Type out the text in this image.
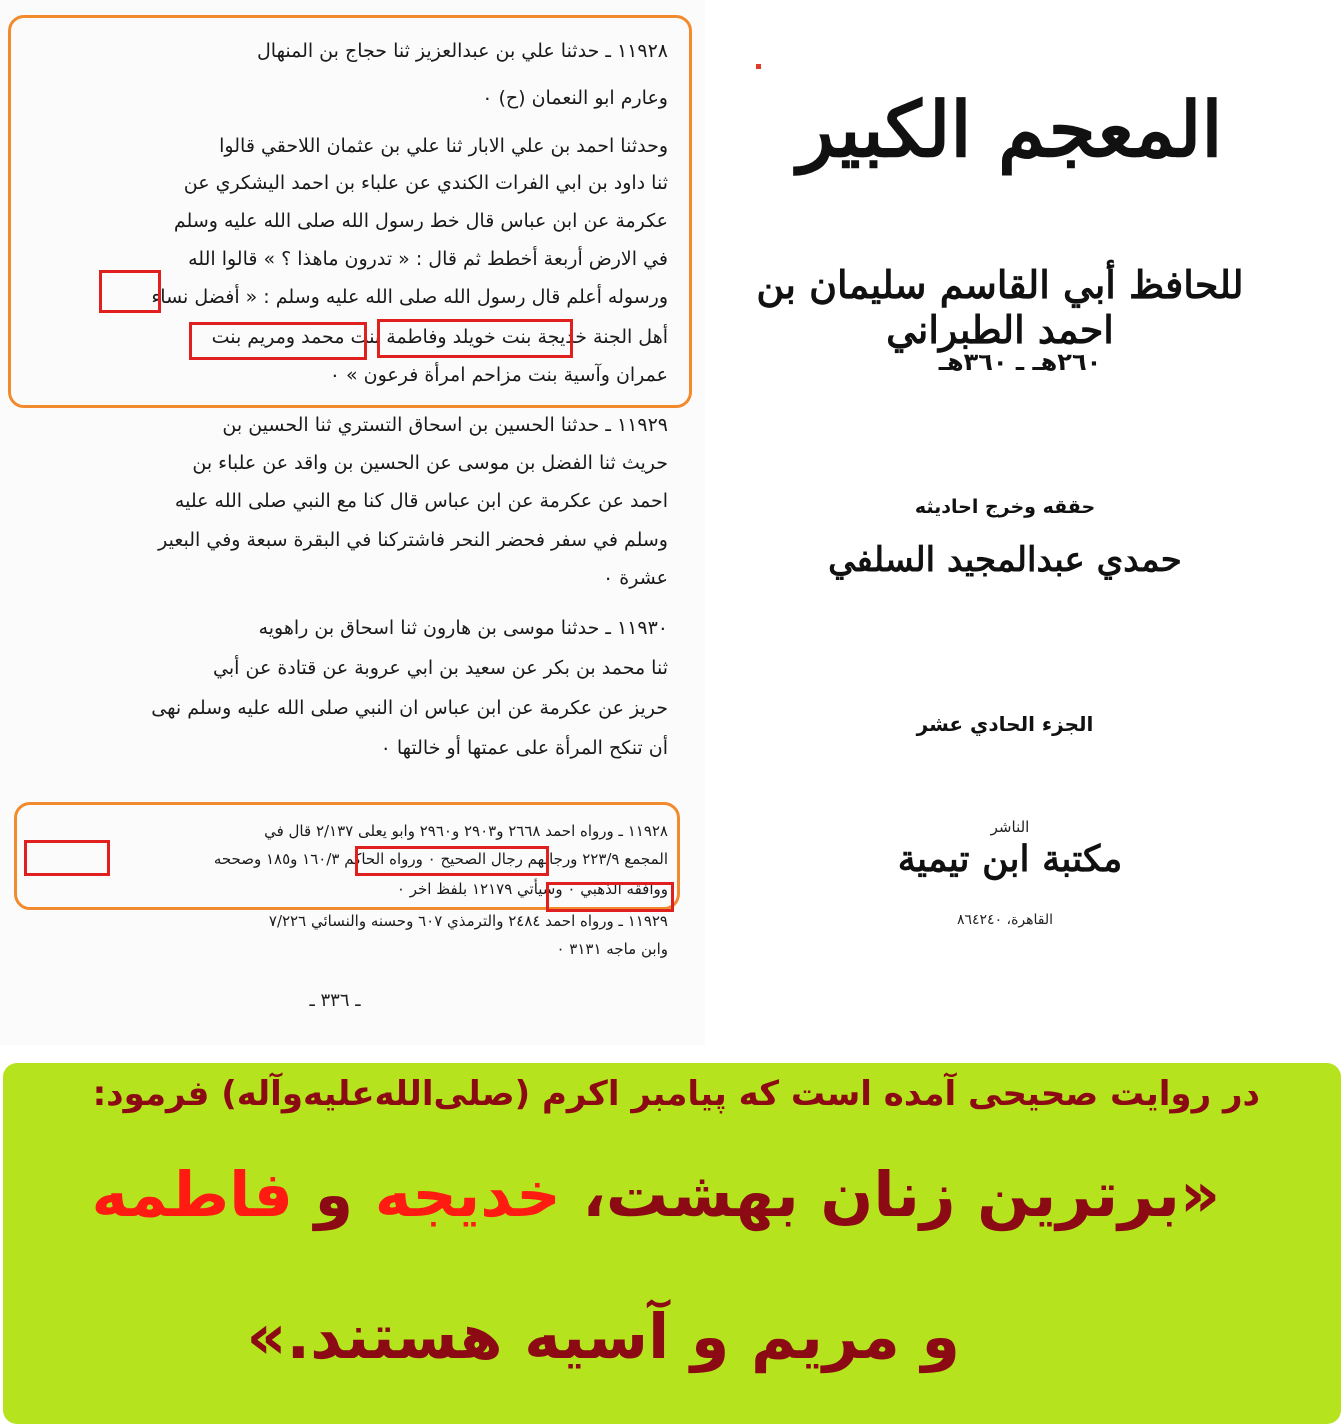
١١٩٢٨ ـ حدثنا علي بن عبدالعزيز ثنا حجاج بن المنهال
وعارم ابو النعمان (ح) ٠
وحدثنا احمد بن علي الابار ثنا علي بن عثمان اللاحقي قالوا
ثنا داود بن ابي الفرات الكندي عن علباء بن احمد اليشكري عن
عكرمة عن ابن عباس قال خط رسول الله صلى الله عليه وسلم
في الارض أربعة أخطط ثم قال : « تدرون ماهذا ؟ » قالوا الله
ورسوله أعلم قال رسول الله صلى الله عليه وسلم : « أفضل نساء
أهل الجنة خديجة بنت خويلد وفاطمة بنت محمد ومريم بنت
عمران وآسية بنت مزاحم امرأة فرعون » ٠
١١٩٢٩ ـ حدثنا الحسين بن اسحاق التستري ثنا الحسين بن
حريث ثنا الفضل بن موسى عن الحسين بن واقد عن علباء بن
احمد عن عكرمة عن ابن عباس قال كنا مع النبي صلى الله عليه
وسلم في سفر فحضر النحر فاشتركنا في البقرة سبعة وفي البعير
عشرة ٠
١١٩٣٠ ـ حدثنا موسى بن هارون ثنا اسحاق بن راهويه
ثنا محمد بن بكر عن سعيد بن ابي عروبة عن قتادة عن أبي
حريز عن عكرمة عن ابن عباس ان النبي صلى الله عليه وسلم نهى
أن تنكح المرأة على عمتها أو خالتها ٠
١١٩٢٨ ـ ورواه احمد ٢٦٦٨ و٢٩٠٣ و٢٩٦٠ وابو يعلى ٢/١٣٧ قال في
المجمع ٢٢٣/٩ ورجالهم رجال الصحيح ٠ ورواه الحاكم ١٦٠/٣ و١٨٥ وصححه
ووافقه الذهبي ٠ وسيأتي ١٢١٧٩ بلفظ اخر ٠
١١٩٢٩ ـ ورواه احمد ٢٤٨٤ والترمذي ٦٠٧ وحسنه والنسائي ٧/٢٢٦
وابن ماجه ٣١٣١ ٠
ـ ٣٣٦ ـ
المعجم الكبير
للحافظ أبي القاسم سليمان بن احمد الطبراني
٢٦٠هـ ـ ٣٦٠هـ
حققه وخرج احاديثه
حمدي عبدالمجيد السلفي
الجزء الحادي عشر
الناشر
مكتبة ابن تيمية
القاهرة، ٨٦٤٢٤٠
در روایت صحیحی آمده است که پیامبر اکرم (صلی‌الله‌علیه‌وآله) فرمود:
«برترین زنان بهشت، خدیجه و فاطمه
و مریم و آسیه هستند.»
